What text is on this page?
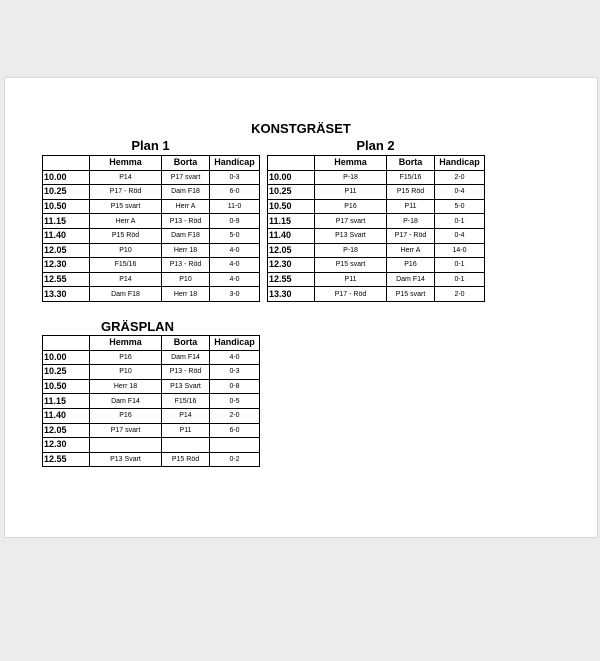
KONSTGRÄSET
Plan 1	Plan 2
GRÄSPLAN
	Hemma	Borta	Handicap
10.00	P14	P17 svart	0-3
10.25	P17 - Röd	Dam F18	6-0
10.50	P15 svart	Herr A	11-0
11.15	Herr A	P13 - Röd	0-9
11.40	P15 Röd	Dam F18	5-0
12.05	P10	Herr 18	4-0
12.30	F15/16	P13 - Röd	4-0
12.55	P14	P10	4-0
13.30	Dam F18	Herr 18	3-0
	Hemma	Borta	Handicap
10.00	P-18	F15/16	2-0
10.25	P11	P15 Röd	0-4
10.50	P16	P11	5-0
11.15	P17 svart	P-18	0-1
11.40	P13 Svart	P17 - Röd	0-4
12.05	P-18	Herr A	14-0
12.30	P15 svart	P16	0-1
12.55	P11	Dam F14	0-1
13.30	P17 - Röd	P15 svart	2-0
	Hemma	Borta	Handicap
10.00	P16	Dam F14	4-0
10.25	P10	P13 - Röd	0-3
10.50	Herr 18	P13 Svart	0-8
11.15	Dam F14	F15/16	0-5
11.40	P16	P14	2-0
12.05	P17 svart	P11	6-0
12.30			
12.55	P13 Svart	P15 Röd	0-2
